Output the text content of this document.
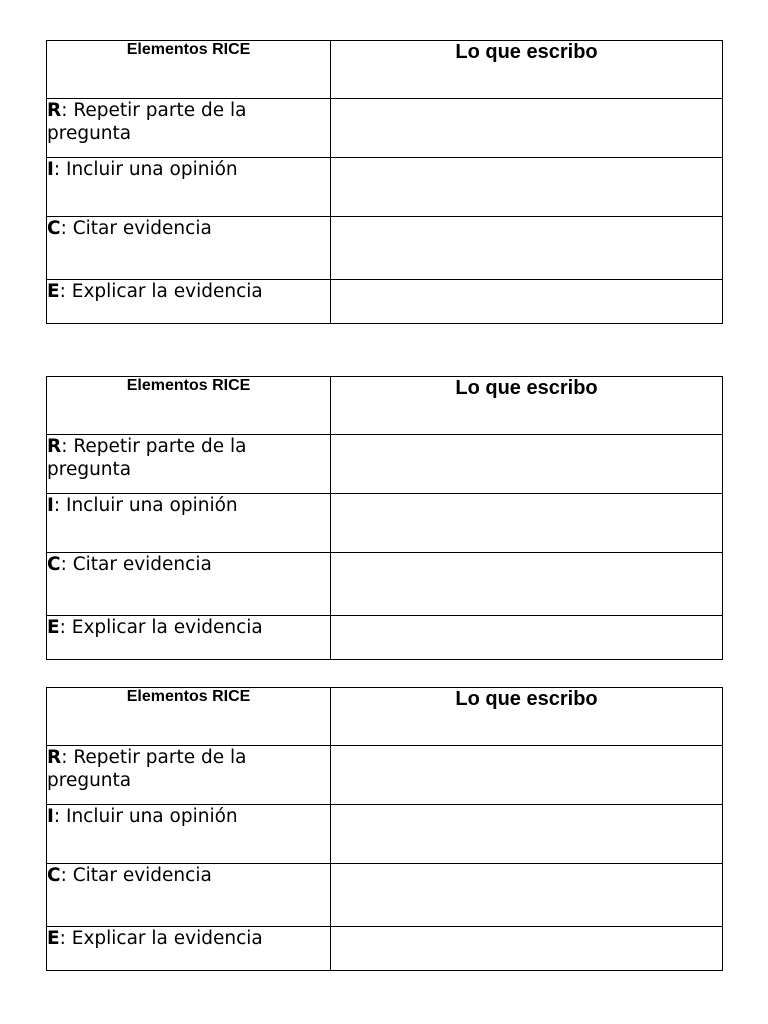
Elementos RICE	Lo que escribo
R: Repetir parte de la pregunta	
I: Incluir una opinión	
C: Citar evidencia	
E: Explicar la evidencia	
Elementos RICE	Lo que escribo
R: Repetir parte de la pregunta	
I: Incluir una opinión	
C: Citar evidencia	
E: Explicar la evidencia	
Elementos RICE	Lo que escribo
R: Repetir parte de la pregunta	
I: Incluir una opinión	
C: Citar evidencia	
E: Explicar la evidencia	
